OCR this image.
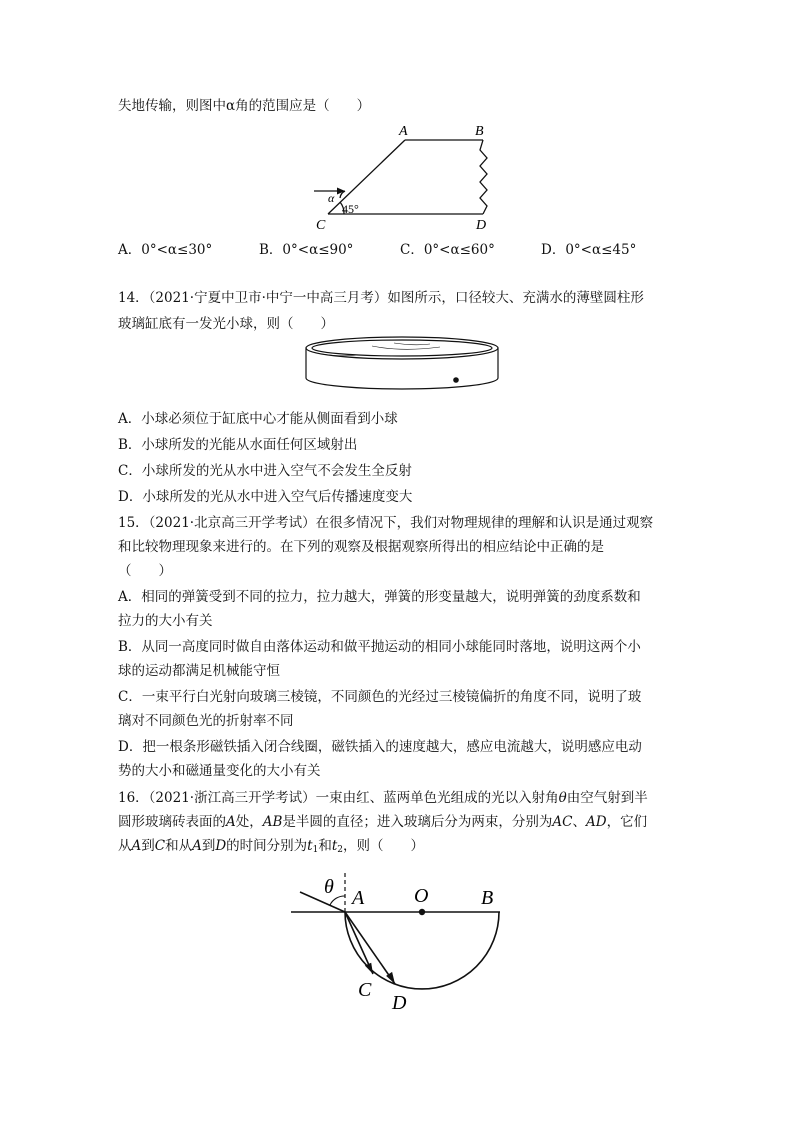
失地传输，则图中α角的范围应是（　　）
A	B
C	D
α
45°
A．0°<α≤30°	B．0°<α≤90°	C．0°<α≤60°	D．0°<α≤45°
14．（2021·宁夏中卫市·中宁一中高三月考）如图所示，口径较大、充满水的薄壁圆柱形
玻璃缸底有一发光小球，则（　　）
A．小球必须位于缸底中心才能从侧面看到小球
B．小球所发的光能从水面任何区域射出
C．小球所发的光从水中进入空气不会发生全反射
D．小球所发的光从水中进入空气后传播速度变大
15．（2021·北京高三开学考试）在很多情况下，我们对物理规律的理解和认识是通过观察
和比较物理现象来进行的。在下列的观察及根据观察所得出的相应结论中正确的是
（　　）
A．相同的弹簧受到不同的拉力，拉力越大，弹簧的形变量越大，说明弹簧的劲度系数和
拉力的大小有关
B．从同一高度同时做自由落体运动和做平抛运动的相同小球能同时落地，说明这两个小
球的运动都满足机械能守恒
C．一束平行白光射向玻璃三棱镜，不同颜色的光经过三棱镜偏折的角度不同，说明了玻
璃对不同颜色光的折射率不同
D．把一根条形磁铁插入闭合线圈，磁铁插入的速度越大，感应电流越大，说明感应电动
势的大小和磁通量变化的大小有关
16．（2021·浙江高三开学考试）一束由红、蓝两单色光组成的光以入射角θ由空气射到半
圆形玻璃砖表面的A处，AB是半圆的直径；进入玻璃后分为两束，分别为AC、AD，它们
从A到C和从A到D的时间分别为$t_1$和$t_2$，则（　　）
θ A O	B
C
D
